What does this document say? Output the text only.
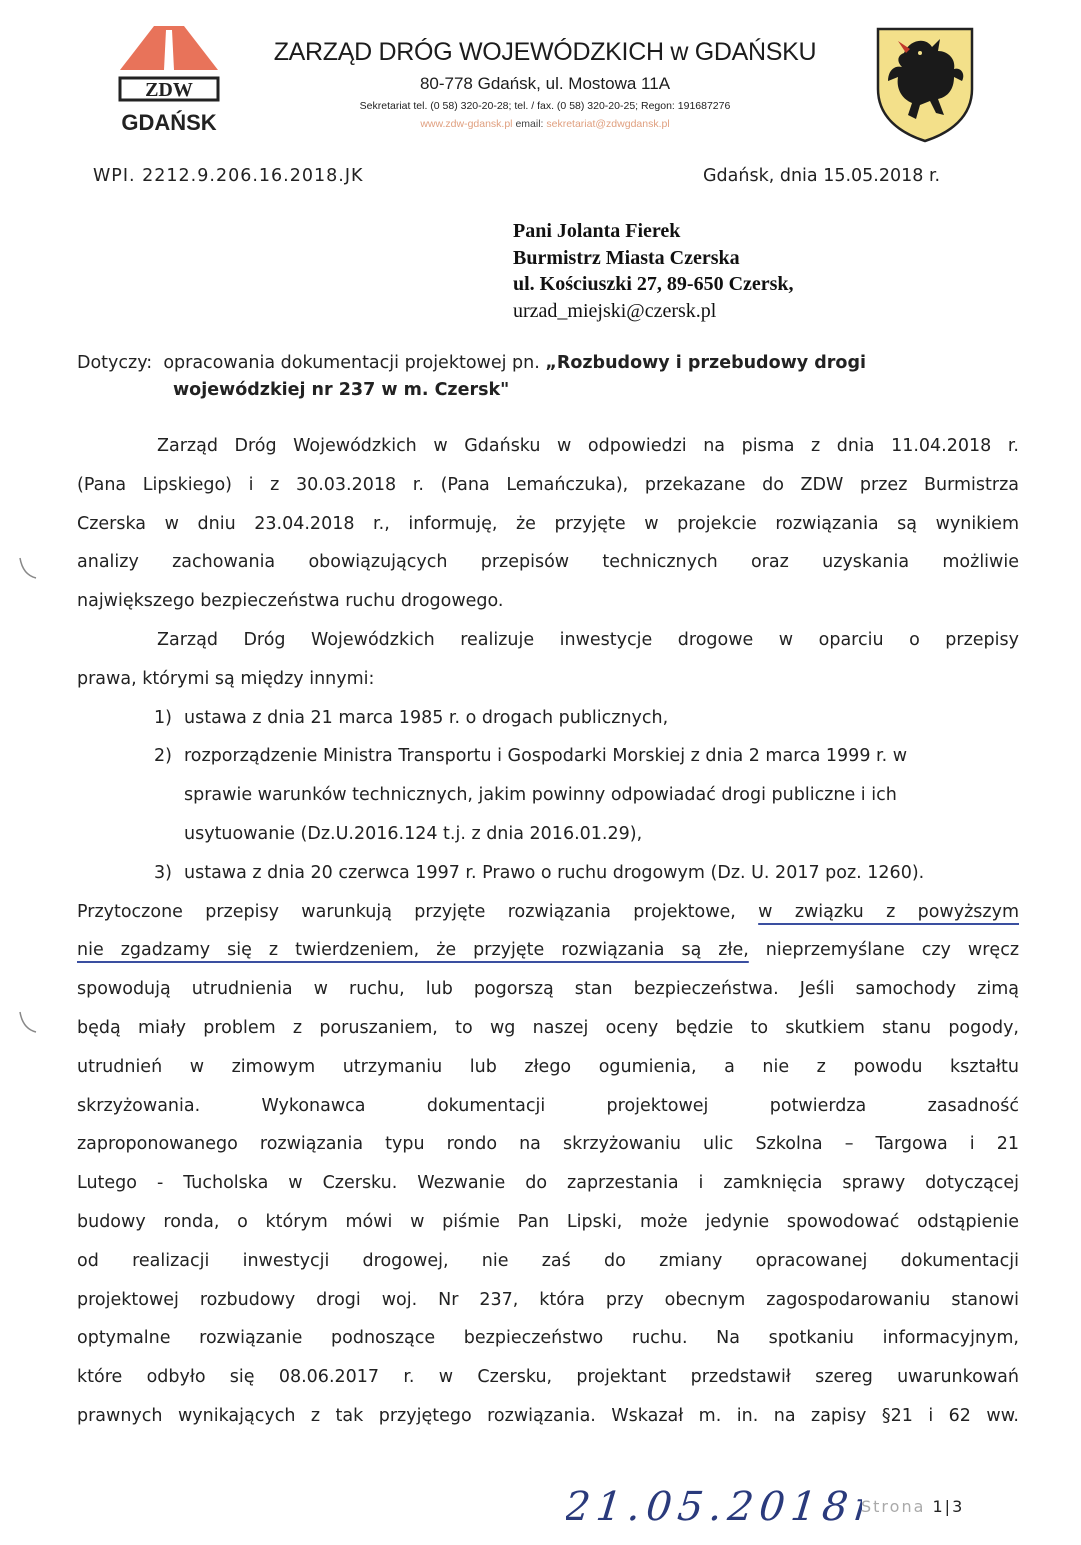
ZDW
GDAŃSK
ZARZĄD DRÓG WOJEWÓDZKICH w GDAŃSKU
80-778 Gdańsk, ul. Mostowa 11A
Sekretariat tel. (0 58) 320-20-28; tel. / fax. (0 58) 320-20-25; Regon: 191687276
www.zdw-gdansk.pl email: sekretariat@zdwgdansk.pl
WPI. 2212.9.206.16.2018.JK	Gdańsk, dnia 15.05.2018 r.
Pani Jolanta Fierek
Burmistrz Miasta Czerska
ul. Kościuszki 27, 89-650 Czersk,
urzad_miejski@czersk.pl
Dotyczy: opracowania dokumentacji projektowej pn. „Rozbudowy i przebudowy drogi
wojewódzkiej nr 237 w m. Czersk"

Zarząd Dróg Wojewódzkich w Gdańsku w odpowiedzi na pisma z dnia 11.04.2018 r.

(Pana Lipskiego) i z 30.03.2018 r. (Pana Lemańczuka), przekazane do ZDW przez Burmistrza

Czerska w dniu 23.04.2018 r., informuję, że przyjęte w projekcie rozwiązania są wynikiem

analizy zachowania obowiązujących przepisów technicznych oraz uzyskania możliwie

największego bezpieczeństwa ruchu drogowego.

Zarząd Dróg Wojewódzkich realizuje inwestycje drogowe w oparciu o przepisy

prawa, którymi są między innymi:

1) ustawa z dnia 21 marca 1985 r. o drogach publicznych,
2) rozporządzenie Ministra Transportu i Gospodarki Morskiej z dnia 2 marca 1999 r. w
sprawie warunków technicznych, jakim powinny odpowiadać drogi publiczne i ich
usytuowanie (Dz.U.2016.124 t.j. z dnia 2016.01.29),
3) ustawa z dnia 20 czerwca 1997 r. Prawo o ruchu drogowym (Dz. U. 2017 poz. 1260).

Przytoczone przepisy warunkują przyjęte rozwiązania projektowe, w związku z powyższym

nie zgadzamy się z twierdzeniem, że przyjęte rozwiązania są złe, nieprzemyślane czy wręcz

spowodują utrudnienia w ruchu, lub pogorszą stan bezpieczeństwa. Jeśli samochody zimą

będą miały problem z poruszaniem, to wg naszej oceny będzie to skutkiem stanu pogody,

utrudnień w zimowym utrzymaniu lub złego ogumienia, a nie z powodu kształtu

skrzyżowania. Wykonawca dokumentacji projektowej potwierdza zasadność

zaproponowanego rozwiązania typu rondo na skrzyżowaniu ulic Szkolna – Targowa i 21

Lutego - Tucholska w Czersku. Wezwanie do zaprzestania i zamknięcia sprawy dotyczącej

budowy ronda, o którym mówi w piśmie Pan Lipski, może jedynie spowodować odstąpienie

od realizacji inwestycji drogowej, nie zaś do zmiany opracowanej dokumentacji

projektowej rozbudowy drogi woj. Nr 237, która przy obecnym zagospodarowaniu stanowi

optymalne rozwiązanie podnoszące bezpieczeństwo ruchu. Na spotkaniu informacyjnym,

które odbyło się 08.06.2017 r. w Czersku, projektant przedstawił szereg uwarunkowań

prawnych wynikających z tak przyjętego rozwiązania. Wskazał m. in. na zapisy §21 i 62 ww.

21.05.2018r.
Strona 1|3
